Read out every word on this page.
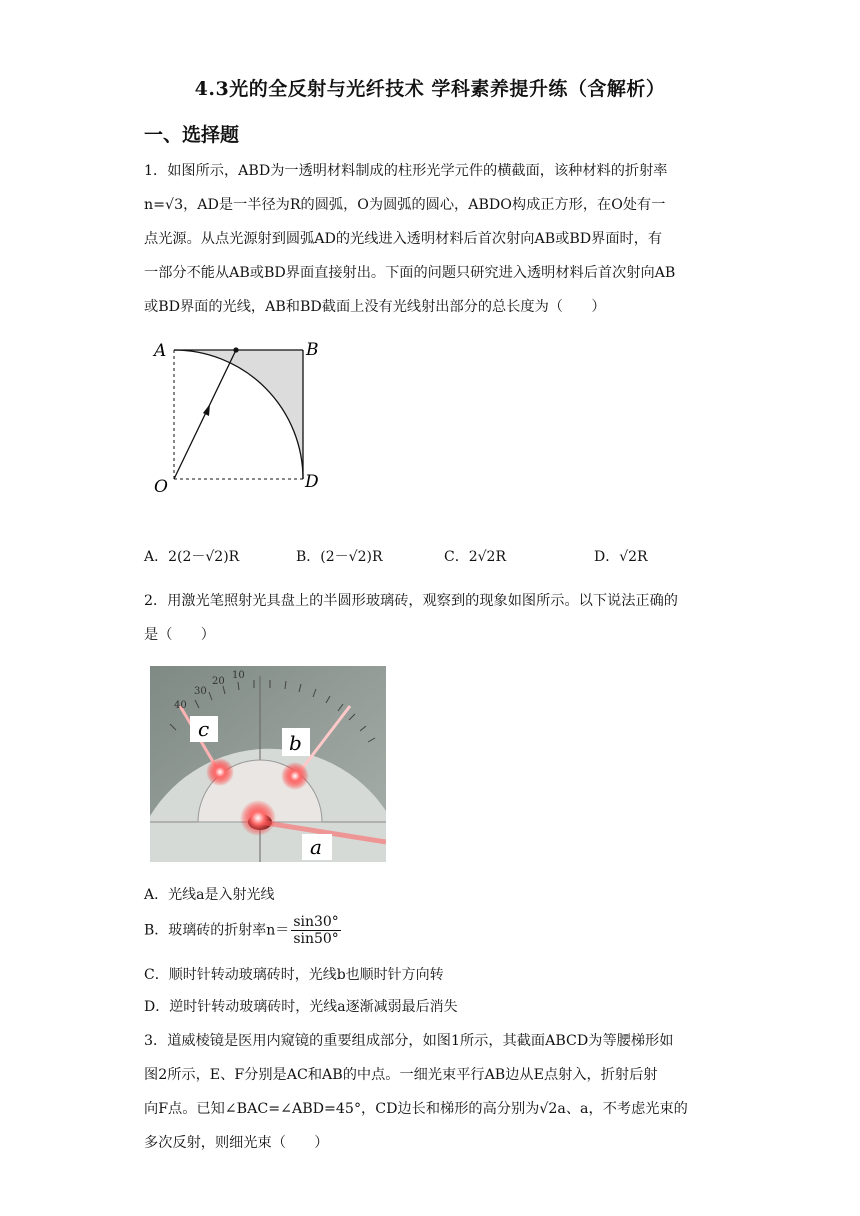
4.3光的全反射与光纤技术 学科素养提升练（含解析）
一、选择题
1．如图所示，ABD为一透明材料制成的柱形光学元件的横截面，该种材料的折射率
n=√3，AD是一半径为R的圆弧，O为圆弧的圆心，ABDO构成正方形，在O处有一
点光源。从点光源射到圆弧AD的光线进入透明材料后首次射向AB或BD界面时，有
一部分不能从AB或BD界面直接射出。下面的问题只研究进入透明材料后首次射向AB
或BD界面的光线，AB和BD截面上没有光线射出部分的总长度为（　　）
A	B
O	D
A．2(2－√2)R	B．(2－√2)R	C．2√2R	D．√2R
2．用激光笔照射光具盘上的半圆形玻璃砖，观察到的现象如图所示。以下说法正确的
是（　　）
40
30
20
10
c
b
a
A．光线a是入射光线
B．玻璃砖的折射率$n= \frac{\sin 30^\circ}{\sin 50^\circ}$
C．顺时针转动玻璃砖时，光线b也顺时针方向转
D．逆时针转动玻璃砖时，光线a逐渐减弱最后消失
3．道威棱镜是医用内窥镜的重要组成部分，如图1所示，其截面ABCD为等腰梯形如
图2所示，E、F分别是AC和AB的中点。一细光束平行AB边从E点射入，折射后射
向F点。已知∠BAC=∠ABD=45°，CD边长和梯形的高分别为√2a、a，不考虑光束的
多次反射，则细光束（　　）
